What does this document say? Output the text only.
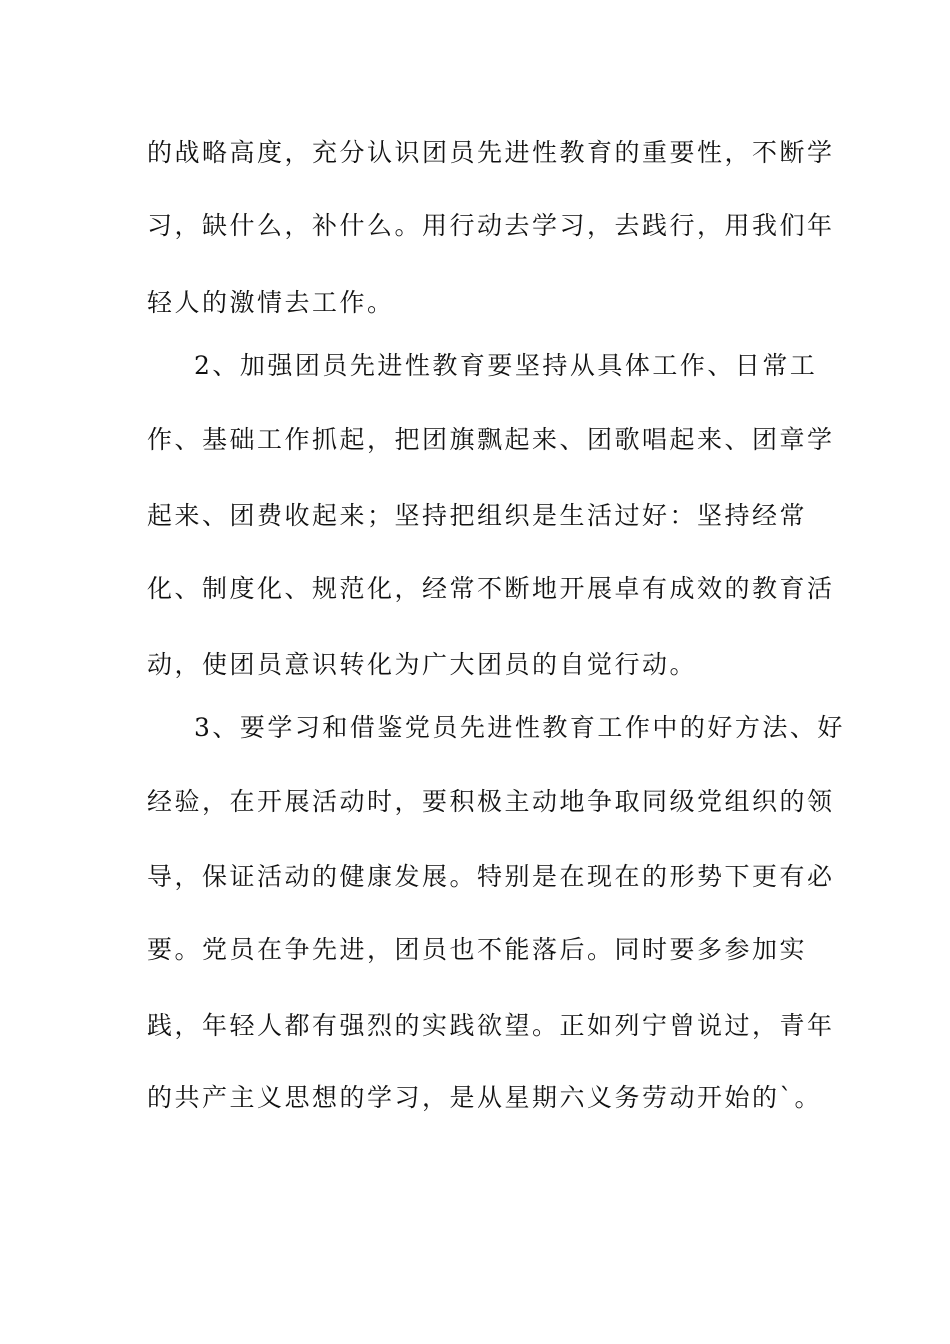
的战略高度，充分认识团员先进性教育的重要性，不断学
习，缺什么，补什么。用行动去学习，去践行，用我们年
轻人的激情去工作。
2、加强团员先进性教育要坚持从具体工作、日常工
作、基础工作抓起，把团旗飘起来、团歌唱起来、团章学
起来、团费收起来；坚持把组织是生活过好：坚持经常
化、制度化、规范化，经常不断地开展卓有成效的教育活
动，使团员意识转化为广大团员的自觉行动。
3、要学习和借鉴党员先进性教育工作中的好方法、好
经验，在开展活动时，要积极主动地争取同级党组织的领
导，保证活动的健康发展。特别是在现在的形势下更有必
要。党员在争先进，团员也不能落后。同时要多参加实
践，年轻人都有强烈的实践欲望。正如列宁曾说过，青年
的共产主义思想的学习，是从星期六义务劳动开始的`。
